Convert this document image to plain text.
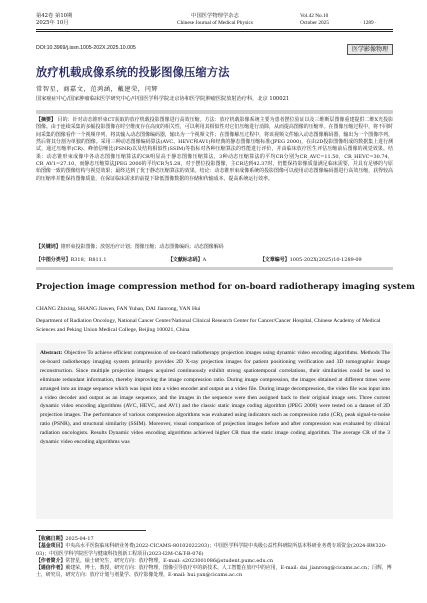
第42卷 第10期
2025年 10月
中国医学物理学杂志
Chinese Journal of Medical Physics
Vol.42 No.10
October 2025	· 1289 ·
DOI:10.3969/j.issn.1005-202X.2025.10.005	医学影像物理
放疗机载成像系统的投影图像压缩方法
常智星，商嘉文，范鸿涵，戴建荣，闫辉
国家癌症中心/国家肿瘤临床医学研究中心/中国医学科学院北京协和医学院肿瘤医院放射治疗科，北京 100021
【摘要】 目的：针对动态锥形束CT获取的放疗机载投影图像进行高效压缩。方法：放疗机载影像系统主要为患者摆位验证以及三维断层图像重建提供二维X光投影图像。由于连续采集的多幅投影图像在时空维度存在高度的相关性，可以利用其相似性对它们压缩进行消除，从而提高图像的压缩率。在图像压缩过程中，将不同时间采集的图像看作一个视频序列，将其输入动态图像编码器，输出为一个视频文件；在图像解压过程中，将该视频文件输入动态图像解码器，输出为一个图像序列，然后将其分割为单独的图像。采用三种动态图像编码算法(AVC、HEVC和AV1)和经典的静态图像压缩标准(JPEG 2000)，在由2D投影图像组成的数据集上进行测试，通过压缩率(CR)、峰值信噪比(PSNR)以及结构相似性(SSIM)等指标对各种压缩算法的性能进行评价，并由临床放疗医生评估压缩前后图像的视觉效果。结果：动态锥形束成像中各动态图像压缩算法的CR明显高于静态图像压缩算法，3种动态压缩算法的平均CR分别为CR_AVC=11.50，CR_HEVC=30.74，CR_AV1=27.10，而静态压缩算法JPEG 2000的平均CR为5.28，对于摆位投影图像，主CR达到42.37时，仍能保持影像质量满足临床需要，并具有足够的与原始图像一致的图像结构与视觉效果；最终达到了优于静态压缩算法的效果。结论：动态锥形束成像系统的投影图像可以使用动态图像编码器进行高效压缩，获得较高的压缩率并能保持图像质量，在保证临床需求的前提下降低图像数据的存储和传输成本，提高系统运行效率。
【关键词】锥形束投影图像；放射治疗计划；图像压缩；动态图像编码；动态图像解码
【中图分类号】R318；R811.1	【文献标志码】A	【文章编号】1005-202X(2025)10-1289-09
Projection image compression method for on-board radiotherapy imaging system
CHANG Zhixing, SHANG Jiawen, FAN Yuhan, DAI Jianrong, YAN Hui
Department of Radiation Oncology, National Cancer Center/National Clinical Research Center for Cancer/Cancer Hospital, Chinese Academy of Medical Sciences and Peking Union Medical College, Beijing 100021, China
Abstract: Objective To achieve efficient compression of on-board radiotherapy projection images using dynamic video encoding algorithms. Methods The on-board radiotherapy imaging system primarily provides 2D X-ray projection images for patient positioning verification and 3D tomographic image reconstruction. Since multiple projection images acquired continuously exhibit strong spatiotemporal correlations, their similarities could be used to eliminate redundant information, thereby improving the image compression ratio. During image compression, the images obtained at different times were arranged into an image sequence which was input into a video encoder and output as a video file. During image decompression, the video file was input into a video decoder and output as an image sequence, and the images in the sequence were then assigned back to their original image sets. Three current dynamic video encoding algorithms (AVC, HEVC, and AV1) and the classic static image coding algorithm (JPEG 2000) were tested on a dataset of 2D projection images. The performance of various compression algorithms was evaluated using indicators such as compression ratio (CR), peak signal-to-noise ratio (PSNR), and structural similarity (SSIM). Moreover, visual comparison of projection images before and after compression was evaluated by clinical radiation oncologists. Results Dynamic video encoding algorithms achieved higher CR than the static image coding algorithm. The average CR of the 3 dynamic video encoding algorithms was
【收稿日期】2025-04-17
【基金项目】中央高水平医院临床科研业务费(2022-CICAMS-80102022203)；中国医学科学院中央级公益性科研院所基本科研业务费专项资金(2024-RW320-03)；中国医学科学院医学与健康科技创新工程项目(2023-I2M-C&T-B-076)
【作者简介】常智星，硕士研究生，研究方向：放疗物理，E-mail: s2023001086@student.pumc.edu.cn
【通信作者】戴建荣，博士，教授，研究方向：放疗物理，图像引导放疗中的新技术、人工智能在放疗中的应用，E-mail: dai_jianrong@cicams.ac.cn；闫辉，博士，研究员，研究方向：放疗计划与剂量学、放疗影像处理，E-mail: hui.yan@cicams.ac.cn
